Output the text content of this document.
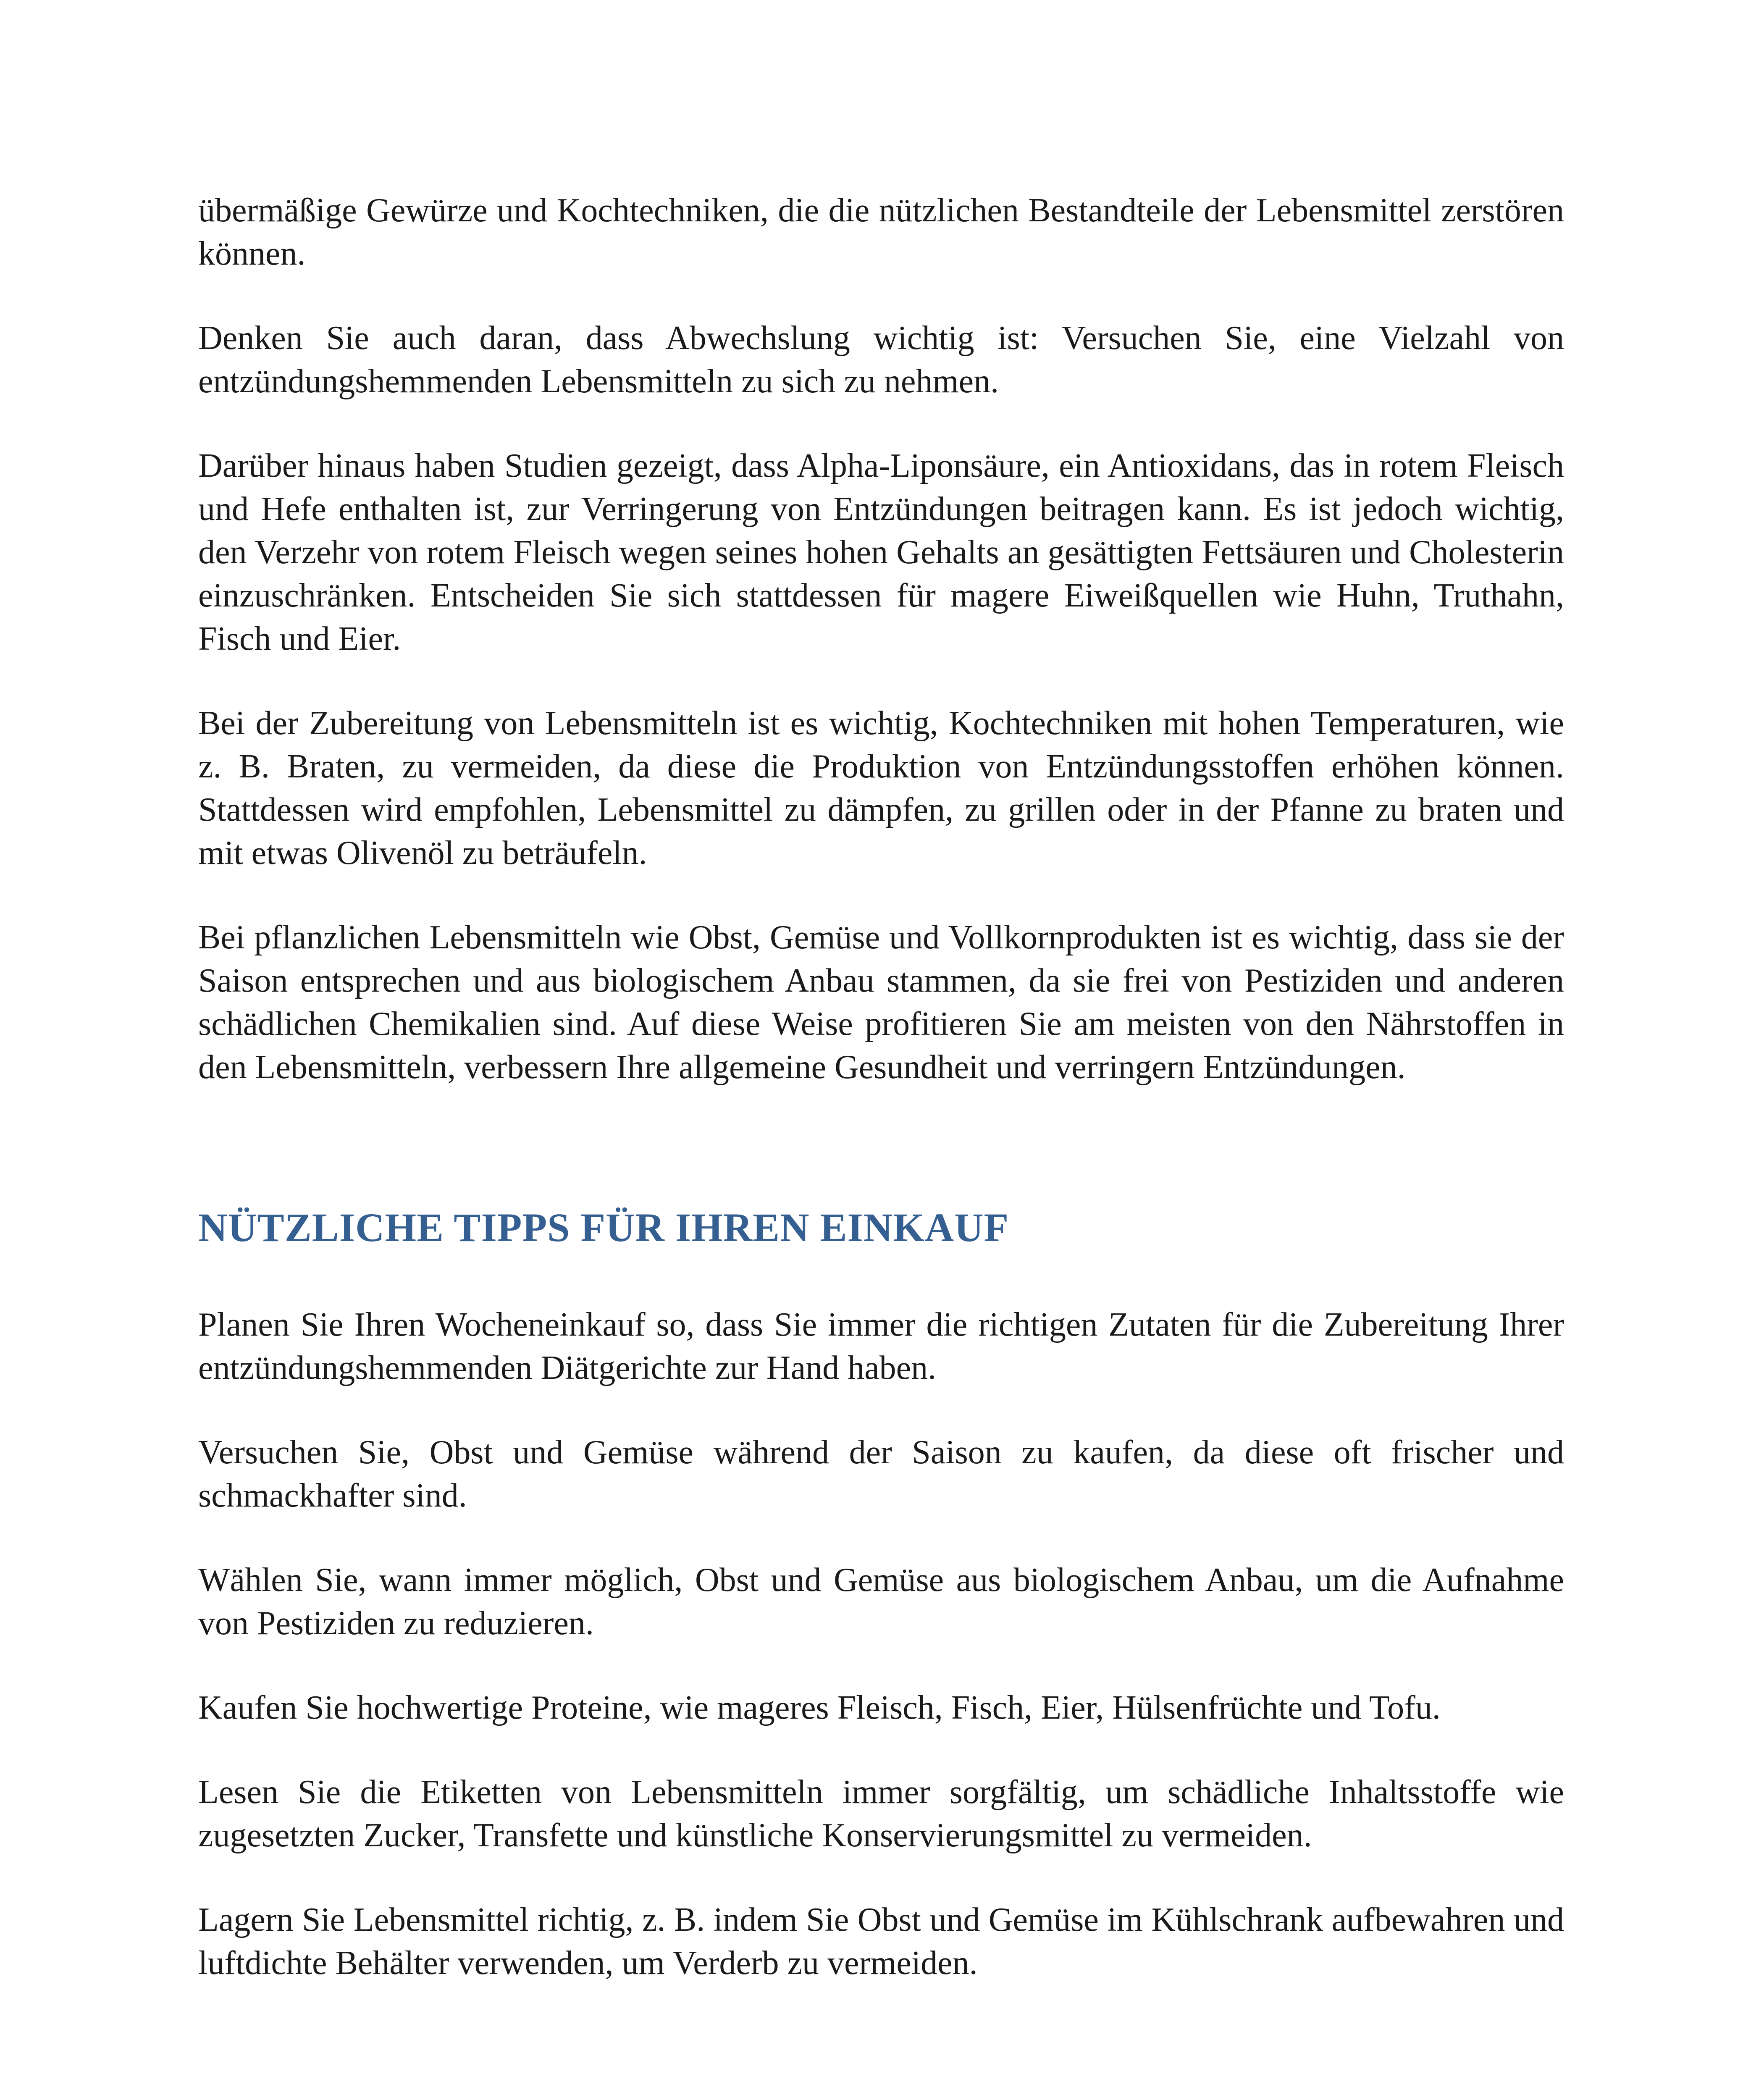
übermäßige Gewürze und Kochtechniken, die die nützlichen Bestandteile der Lebensmittel zerstören können.

Denken Sie auch daran, dass Abwechslung wichtig ist: Versuchen Sie, eine Vielzahl von entzündungshemmenden Lebensmitteln zu sich zu nehmen.

Darüber hinaus haben Studien gezeigt, dass Alpha-Liponsäure, ein Antioxidans, das in rotem Fleisch und Hefe enthalten ist, zur Verringerung von Entzündungen beitragen kann. Es ist jedoch wichtig, den Verzehr von rotem Fleisch wegen seines hohen Gehalts an gesättigten Fettsäuren und Cholesterin einzuschränken. Entscheiden Sie sich stattdessen für magere Eiweißquellen wie Huhn, Truthahn, Fisch und Eier.

Bei der Zubereitung von Lebensmitteln ist es wichtig, Kochtechniken mit hohen Temperaturen, wie z. B. Braten, zu vermeiden, da diese die Produktion von Entzündungsstoffen erhöhen können. Stattdessen wird empfohlen, Lebensmittel zu dämpfen, zu grillen oder in der Pfanne zu braten und mit etwas Olivenöl zu beträufeln.

Bei pflanzlichen Lebensmitteln wie Obst, Gemüse und Vollkornprodukten ist es wichtig, dass sie der Saison entsprechen und aus biologischem Anbau stammen, da sie frei von Pestiziden und anderen schädlichen Chemikalien sind. Auf diese Weise profitieren Sie am meisten von den Nährstoffen in den Lebensmitteln, verbessern Ihre allgemeine Gesundheit und verringern Entzündungen.

NÜTZLICHE TIPPS FÜR IHREN EINKAUF

Planen Sie Ihren Wocheneinkauf so, dass Sie immer die richtigen Zutaten für die Zubereitung Ihrer entzündungshemmenden Diätgerichte zur Hand haben.

Versuchen Sie, Obst und Gemüse während der Saison zu kaufen, da diese oft frischer und schmackhafter sind.

Wählen Sie, wann immer möglich, Obst und Gemüse aus biologischem Anbau, um die Aufnahme von Pestiziden zu reduzieren.

Kaufen Sie hochwertige Proteine, wie mageres Fleisch, Fisch, Eier, Hülsenfrüchte und Tofu.

Lesen Sie die Etiketten von Lebensmitteln immer sorgfältig, um schädliche Inhaltsstoffe wie zugesetzten Zucker, Transfette und künstliche Konservierungsmittel zu vermeiden.

Lagern Sie Lebensmittel richtig, z. B. indem Sie Obst und Gemüse im Kühlschrank aufbewahren und luftdichte Behälter verwenden, um Verderb zu vermeiden.
